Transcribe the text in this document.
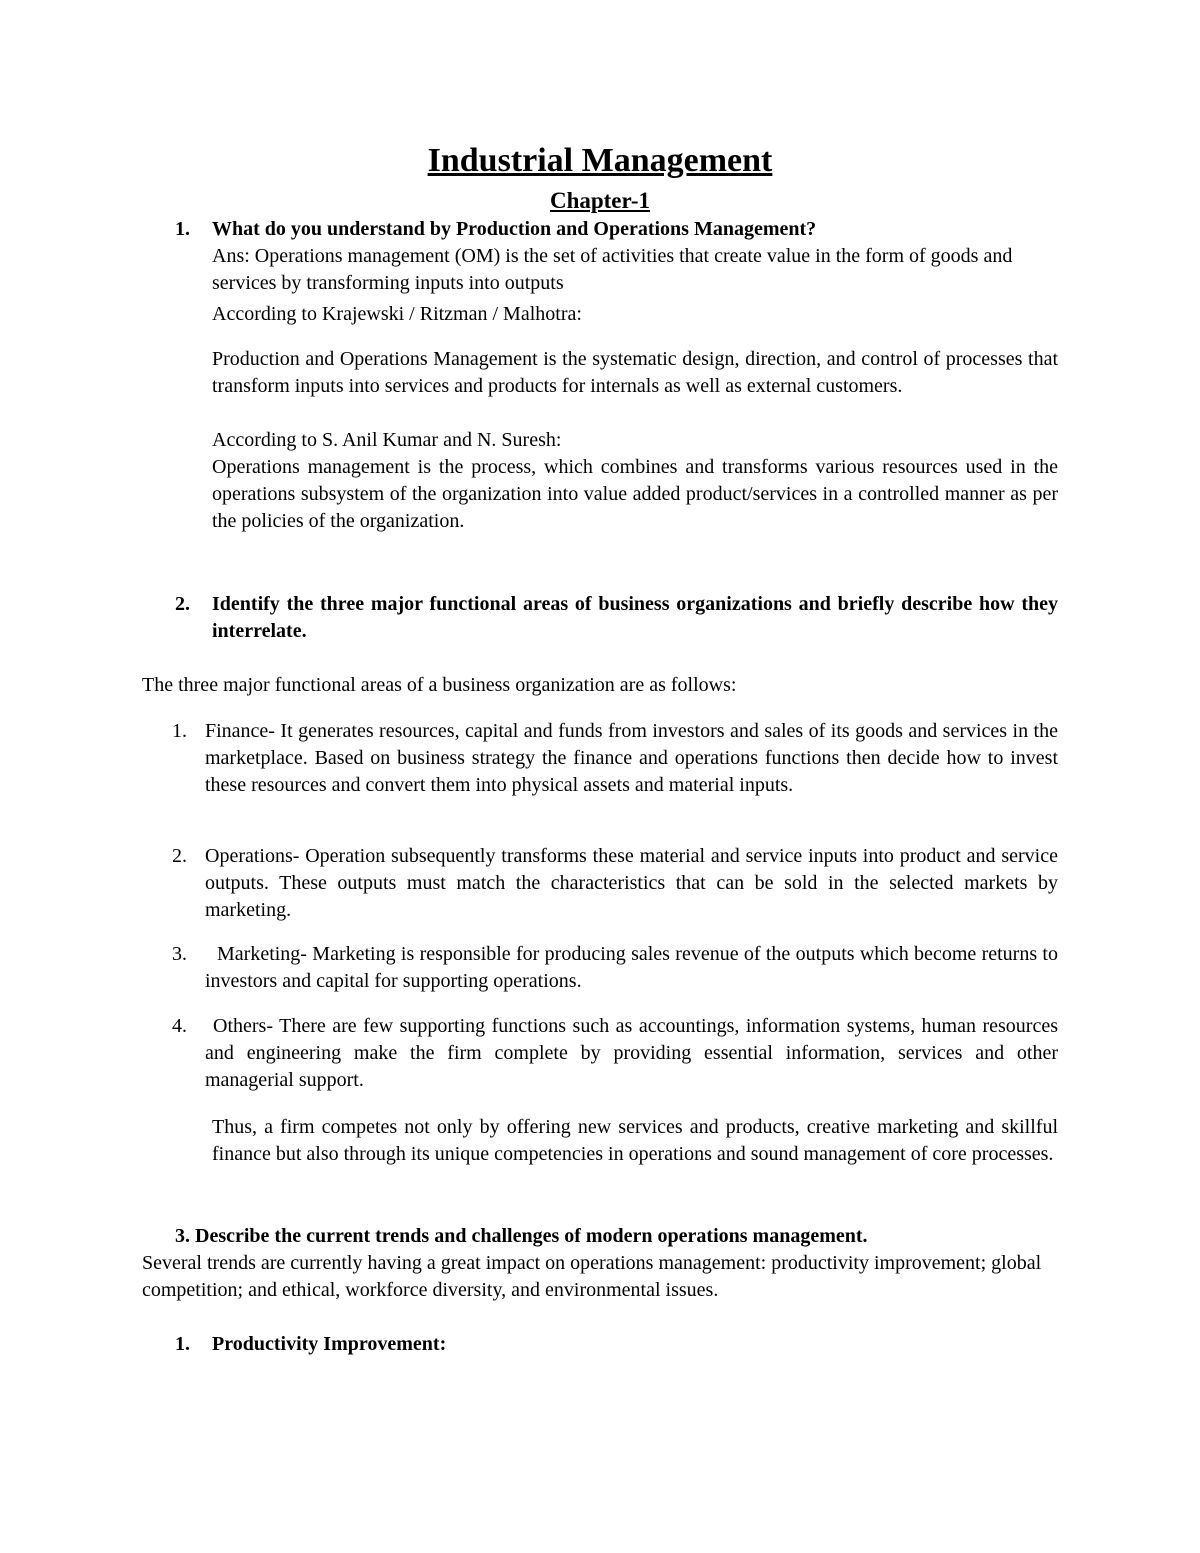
Industrial Management
Chapter-1
1. What do you understand by Production and Operations Management?

Ans: Operations management (OM) is the set of activities that create value in the form of goods and services by transforming inputs into outputs

According to Krajewski / Ritzman / Malhotra:

Production and Operations Management is the systematic design, direction, and control of processes that transform inputs into services and products for internals as well as external customers.

According to S. Anil Kumar and N. Suresh:

Operations management is the process, which combines and transforms various resources used in the operations subsystem of the organization into value added product/services in a controlled manner as per the policies of the organization.

2. Identify the three major functional areas of business organizations and briefly describe how they interrelate.

The three major functional areas of a business organization are as follows:

1. Finance- It generates resources, capital and funds from investors and sales of its goods and services in the marketplace. Based on business strategy the finance and operations functions then decide how to invest these resources and convert them into physical assets and material inputs.

2. Operations- Operation subsequently transforms these material and service inputs into product and service outputs. These outputs must match the characteristics that can be sold in the selected markets by marketing.

3.	Marketing- Marketing is responsible for producing sales revenue of the outputs which become returns to investors and capital for supporting operations.

4.	Others- There are few supporting functions such as accountings, information systems, human resources and engineering make the firm complete by providing essential information, services and other managerial support.

Thus, a firm competes not only by offering new services and products, creative marketing and skillful finance but also through its unique competencies in operations and sound management of core processes.

3. Describe the current trends and challenges of modern operations management.

Several trends are currently having a great impact on operations management: productivity improvement; global competition; and ethical, workforce diversity, and environmental issues.

1. Productivity Improvement:
